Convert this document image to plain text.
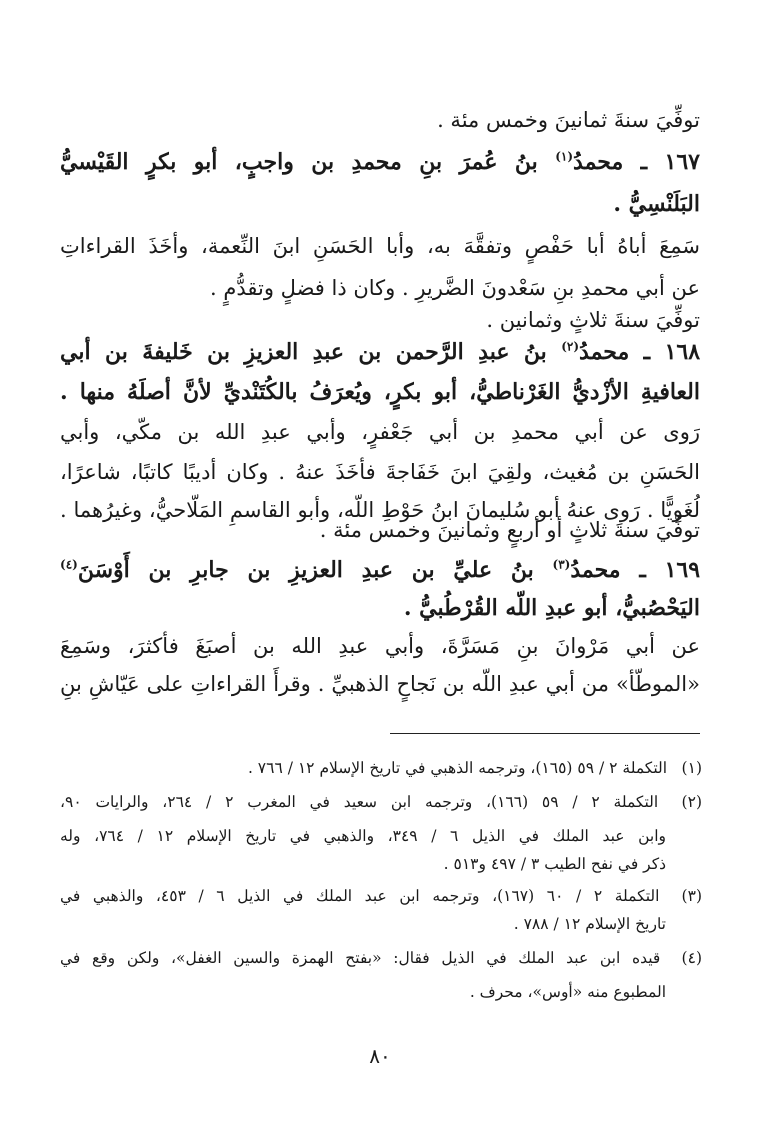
توفِّيَ سنةَ ثمانينَ وخمس مئة .
١٦٧ ـ محمدُ$^{(١)}$ بنُ عُمرَ بنِ محمدِ بن واجبٍ، أبو بكرٍ القَيْسيُّ
البَلَنْسِيُّ .
سَمِعَ أباهُ أبا حَفْصٍ وتفقَّهَ به، وأبا الحَسَنِ ابنَ النِّعمة، وأخَذَ القراءاتِ
عن أبي محمدِ بنِ سَعْدونَ الضَّريرِ . وكان ذا فضلٍ وتقدُّمٍ .
توفِّيَ سنةَ ثلاثٍ وثمانين .
١٦٨ ـ محمدُ$^{(٢)}$ بنُ عبدِ الرَّحمن بن عبدِ العزيزِ بن خَليفةَ بن أبي
العافيةِ الأزْديُّ الغَرْناطيُّ، أبو بكرٍ، ويُعرَفُ بالكُتَنْديِّ لأنَّ أصلَهُ منها .
رَوى عن أبي محمدِ بن أبي جَعْفرٍ، وأبي عبدِ الله بن مكّي، وأبي
الحَسَنِ بن مُغيث، ولقِيَ ابنَ خَفَاجةَ فأخَذَ عنهُ . وكان أديبًا كاتبًا، شاعرًا،
لُغَويًّا . رَوى عنهُ أبو سُليمانَ ابنُ حَوْطِ اللّه، وأبو القاسمِ المَلّاحيُّ، وغيرُهما .
توفِّيَ سنةَ ثلاثٍ أو أربعٍ وثمانينَ وخمس مئة .
١٦٩ ـ محمدُ$^{(٣)}$ بنُ عليِّ بن عبدِ العزيزِ بن جابرِ بن أَوْسَنَ$^{(٤)}$
اليَحْصُبيُّ، أبو عبدِ اللّه القُرْطُبيُّ .
عن أبي مَرْوانَ بنِ مَسَرَّةَ، وأبي عبدِ الله بن أصبَغَ فأكثرَ، وسَمِعَ
«الموطّأ» من أبي عبدِ اللّه بن نَجاحٍ الذهبيِّ . وقرأَ القراءاتِ على عَيّاشِ بنِ
(١) التكملة ٢ / ٥٩ (١٦٥)، وترجمه الذهبي في تاريخ الإسلام ١٢ / ٧٦٦ .
(٢) التكملة ٢ / ٥٩ (١٦٦)، وترجمه ابن سعيد في المغرب ٢ / ٢٦٤، والرايات ٩٠،
وابن عبد الملك في الذيل ٦ / ٣٤٩، والذهبي في تاريخ الإسلام ١٢ / ٧٦٤، وله
ذكر في نفح الطيب ٣ / ٤٩٧ و٥١٣ .
(٣) التكملة ٢ / ٦٠ (١٦٧)، وترجمه ابن عبد الملك في الذيل ٦ / ٤٥٣، والذهبي في
تاريخ الإسلام ١٢ / ٧٨٨ .
(٤) قيده ابن عبد الملك في الذيل فقال: «بفتح الهمزة والسين الغفل»، ولكن وقع في
المطبوع منه «أوس»، محرف .
٨٠
